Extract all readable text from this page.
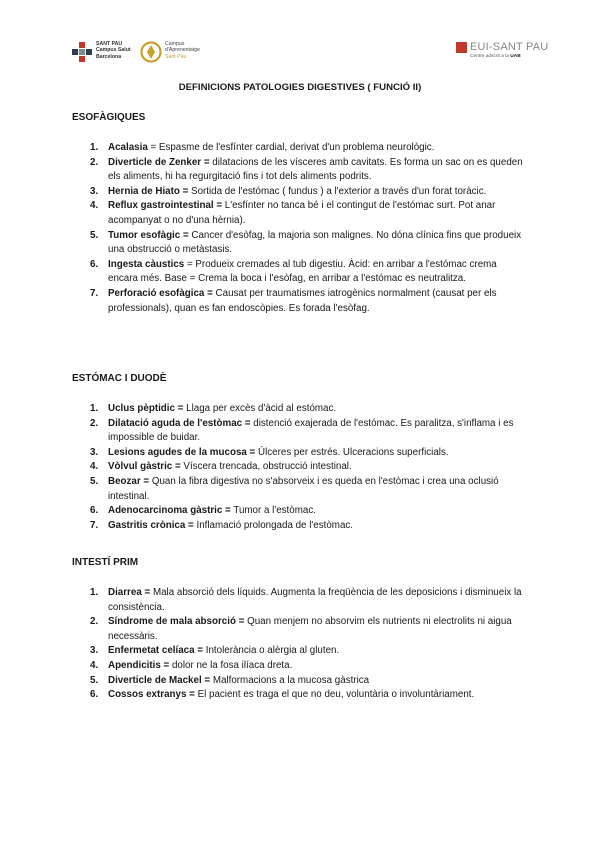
SANT PAU
Campus Salut
Barcelona
Campus
d'Aprenentatge
Sant Pau
EUI-SANT PAU
Centre adscrit a la UAB
DEFINICIONS PATOLOGIES DIGESTIVES ( FUNCIÓ II)
ESOFÀGIQUES
1. Acalasia = Espasme de l'esfínter cardial, derivat d'un problema neurològic.
2. Diverticle de Zenker = dilatacions de les vísceres amb cavitats. Es forma un sac on es queden els aliments, hi ha regurgitació fins i tot dels aliments podrits.
3. Hernia de Hiato = Sortida de l'estómac ( fundus ) a l'exterior a través d'un forat toràcic.
4. Reflux gastrointestinal = L'esfínter no tanca bé i el contingut de l'estómac surt. Pot anar acompanyat o no d'una hèrnia).
5. Tumor esofàgic = Cancer d'esòfag, la majoria son malignes. No dóna clínica fins que produeix una obstrucció o metàstasis.
6. Ingesta càustics = Produeix cremades al tub digestiu. Àcid: en arribar a l'estómac crema encara més. Base = Crema la boca i l'esòfag, en arribar a l'estómac es neutralitza.
7. Perforació esofàgica = Causat per traumatismes iatrogènics normalment (causat per els professionals), quan es fan endoscòpies. Es forada l'esòfag.
ESTÓMAC I DUODÈ
1. Uclus pèptidic = Llaga per excès d'àcid al estómac.
2. Dilatació aguda de l'estòmac = distenció exajerada de l'estómac. Es paralitza, s'inflama i es impossible de buidar.
3. Lesions agudes de la mucosa = Úlceres per estrés. Ulceracions superficials.
4. Vòlvul gàstric = Víscera trencada, obstrucció intestinal.
5. Beozar = Quan la fibra digestiva no s'absorveix i es queda en l'estòmac i crea una oclusió intestinal.
6. Adenocarcinoma gàstric = Tumor a l'estòmac.
7. Gastritis crònica = Inflamació prolongada de l'estòmac.
INTESTÍ PRIM
1. Diarrea = Mala absorció dels líquids. Augmenta la freqüència de les deposicions i disminueix la consistència.
2. Síndrome de mala absorció = Quan menjem no absorvim els nutrients ni electrolits ni aigua necessàris.
3. Enfermetat celíaca = Intolerància o alèrgia al gluten.
4. Apendicitis = dolor ne la fosa ilíaca dreta.
5. Diverticle de Mackel = Malformacions a la mucosa gàstrica
6. Cossos extranys = El pacient es traga el que no deu, voluntària o involuntàriament.
